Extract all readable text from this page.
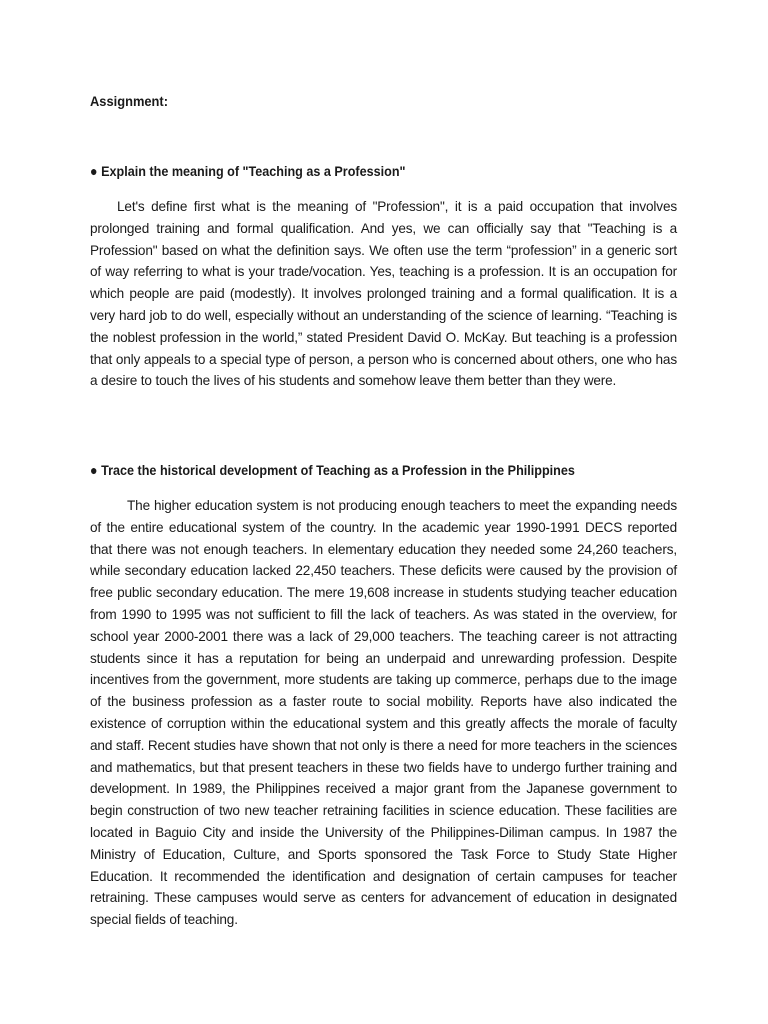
Assignment:
● Explain the meaning of "Teaching as a Profession"

Let's define first what is the meaning of "Profession", it is a paid occupation that involves prolonged training and formal qualification. And yes, we can officially say that "Teaching is a Profession" based on what the definition says. We often use the term “profession” in a generic sort of way referring to what is your trade/vocation. Yes, teaching is a profession. It is an occupation for which people are paid (modestly). It involves prolonged training and a formal qualification. It is a very hard job to do well, especially without an understanding of the science of learning. “Teaching is the noblest profession in the world,” stated President David O. McKay. But teaching is a profession that only appeals to a special type of person, a person who is concerned about others, one who has a desire to touch the lives of his students and somehow leave them better than they were.

● Trace the historical development of Teaching as a Profession in the Philippines

The higher education system is not producing enough teachers to meet the expanding needs of the entire educational system of the country. In the academic year 1990-1991 DECS reported that there was not enough teachers. In elementary education they needed some 24,260 teachers, while secondary education lacked 22,450 teachers. These deficits were caused by the provision of free public secondary education. The mere 19,608 increase in students studying teacher education from 1990 to 1995 was not sufficient to fill the lack of teachers. As was stated in the overview, for school year 2000-2001 there was a lack of 29,000 teachers. The teaching career is not attracting students since it has a reputation for being an underpaid and unrewarding profession. Despite incentives from the government, more students are taking up commerce, perhaps due to the image of the business profession as a faster route to social mobility. Reports have also indicated the existence of corruption within the educational system and this greatly affects the morale of faculty and staff. Recent studies have shown that not only is there a need for more teachers in the sciences and mathematics, but that present teachers in these two fields have to undergo further training and development. In 1989, the Philippines received a major grant from the Japanese government to begin construction of two new teacher retraining facilities in science education. These facilities are located in Baguio City and inside the University of the Philippines-Diliman campus. In 1987 the Ministry of Education, Culture, and Sports sponsored the Task Force to Study State Higher Education. It recommended the identification and designation of certain campuses for teacher retraining. These campuses would serve as centers for advancement of education in designated special fields of teaching.
